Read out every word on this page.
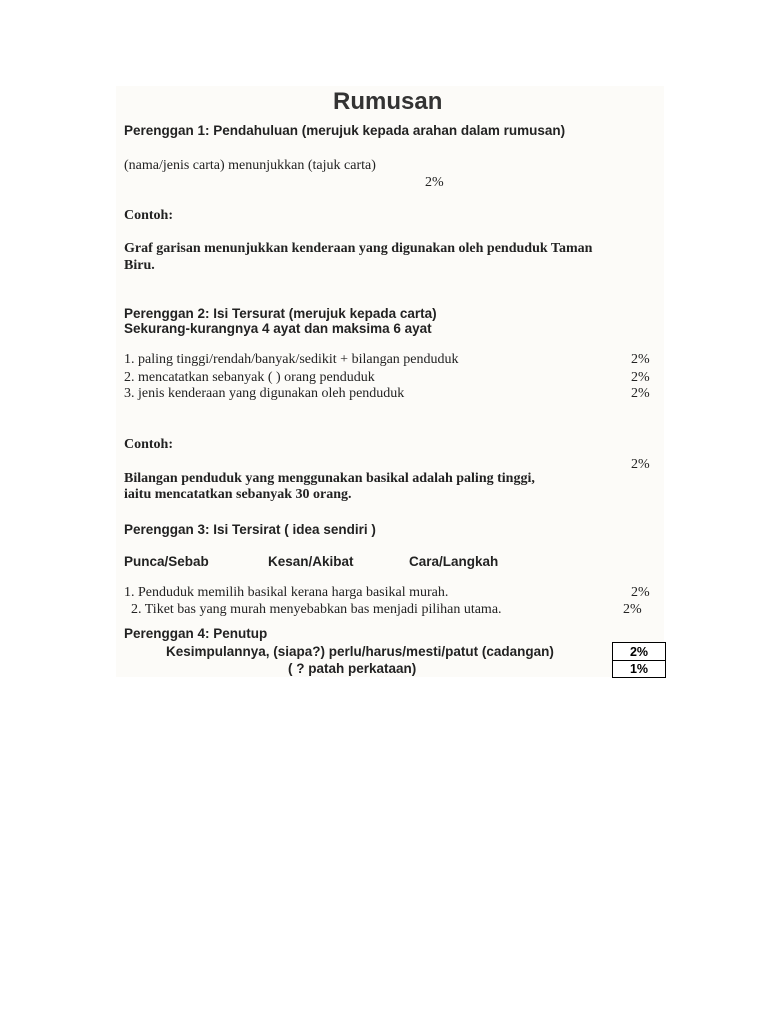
Rumusan
Perenggan 1: Pendahuluan (merujuk kepada arahan dalam rumusan)
(nama/jenis carta) menunjukkan (tajuk carta)
2%
Contoh:
Graf garisan menunjukkan kenderaan yang digunakan oleh penduduk Taman
Biru.
Perenggan 2: Isi Tersurat (merujuk kepada carta)
Sekurang-kurangnya 4 ayat dan maksima 6 ayat
1. paling tinggi/rendah/banyak/sedikit + bilangan penduduk	2%
2. mencatatkan sebanyak ( ) orang penduduk	2%
3. jenis kenderaan yang digunakan oleh penduduk	2%
Contoh:
2%
Bilangan penduduk yang menggunakan basikal adalah paling tinggi,
iaitu mencatatkan sebanyak 30 orang.
Perenggan 3: Isi Tersirat ( idea sendiri )
Punca/Sebab	Kesan/Akibat	Cara/Langkah
1. Penduduk memilih basikal kerana harga basikal murah.	2%
2. Tiket bas yang murah menyebabkan bas menjadi pilihan utama.	2%
Perenggan 4: Penutup
Kesimpulannya, (siapa?) perlu/harus/mesti/patut (cadangan)	2%
( ? patah perkataan)	1%
